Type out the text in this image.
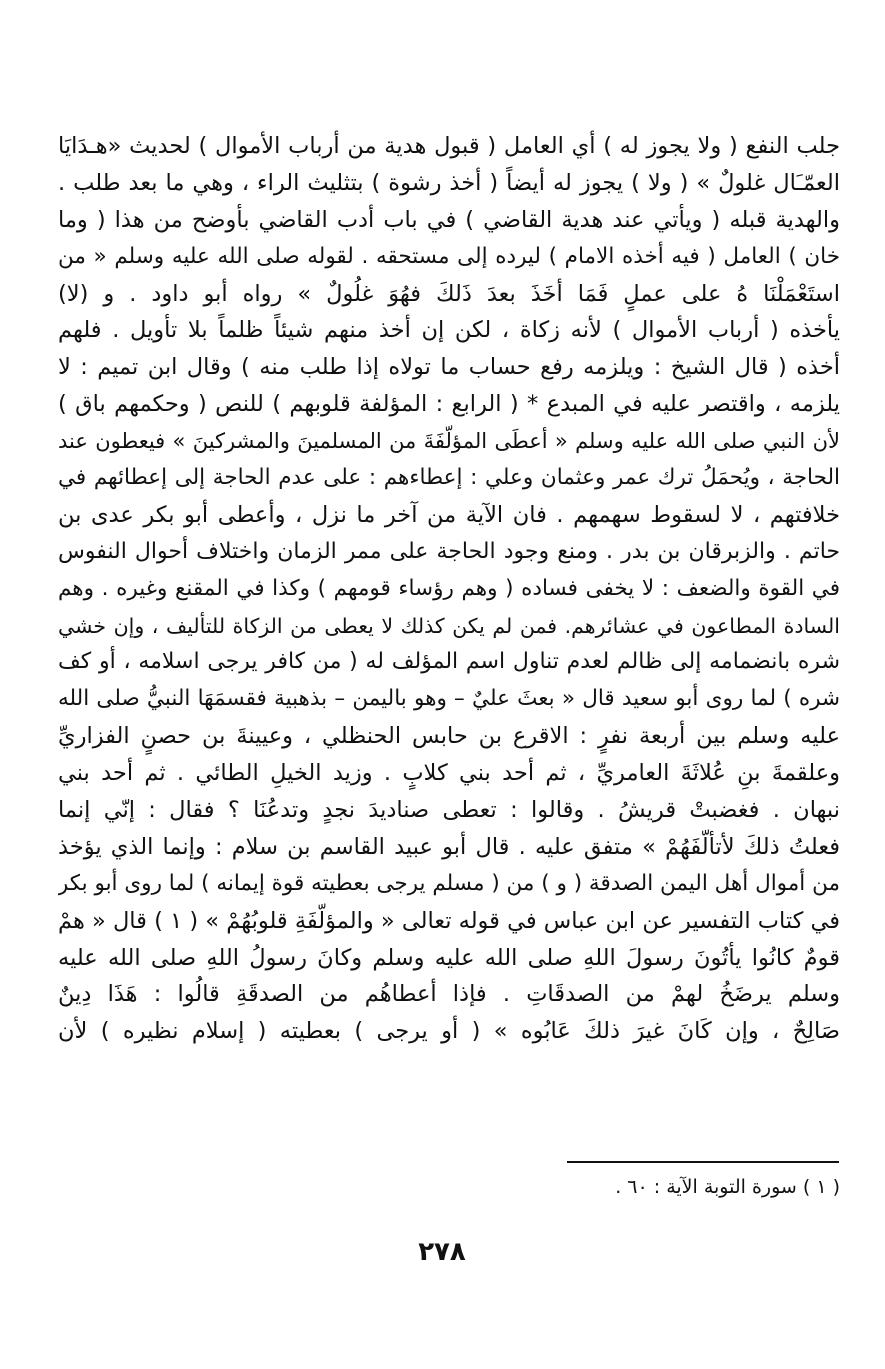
جلب النفع ( ولا يجوز له ) أي العامل ( قبول هدية من أرباب الأموال ) لحديث «هـدَايَا
العمّـَال غلولٌ » ( ولا ) يجوز له أيضاً ( أخذ رشوة ) بتثليث الراء ، وهي ما بعد طلب .
والهدية قبله ( ويأتي عند هدية القاضي ) في باب أدب القاضي بأوضح من هذا ( وما
خان ) العامل ( فيه أخذه الامام ) ليرده إلى مستحقه . لقوله صلى الله عليه وسلم « من
استَعْمَلْنَا هُ على عملٍ فَمَا أخَذَ بعدَ ذَلكَ فهُوَ غلُولٌ » رواه أبو داود . و (لا)
يأخذه ( أرباب الأموال ) لأنه زكاة ، لكن إن أخذ منهم شيئاً ظلماً بلا تأويل . فلهم
أخذه ( قال الشيخ : ويلزمه رفع حساب ما تولاه إذا طلب منه ) وقال ابن تميم : لا
يلزمه ، واقتصر عليه في المبدع * ( الرابع : المؤلفة قلوبهم ) للنص ( وحكمهم باق )
لأن النبي صلى الله عليه وسلم « أعطَى المؤلّفَةَ من المسلمينَ والمشركينَ » فيعطون عند
الحاجة ، ويُحمَلُ ترك عمر وعثمان وعلي : إعطاءهم : على عدم الحاجة إلى إعطائهم في
خلافتهم ، لا لسقوط سهمهم . فان الآية من آخر ما نزل ، وأعطى أبو بكر عدى بن
حاتم . والزبرقان بن بدر . ومنع وجود الحاجة على ممر الزمان واختلاف أحوال النفوس
في القوة والضعف : لا يخفى فساده ( وهم رؤساء قومهم ) وكذا في المقنع وغيره . وهم
السادة المطاعون في عشائرهم. فمن لم يكن كذلك لا يعطى من الزكاة للتأليف ، وإن خشي
شره بانضمامه إلى ظالم لعدم تناول اسم المؤلف له ( من كافر يرجى اسلامه ، أو كف
شره ) لما روى أبو سعيد قال « بعثَ عليٌ – وهو باليمن – بذهبية فقسمَهَا النبيُّ صلى الله
عليه وسلم بين أربعة نفرٍ : الاقرع بن حابس الحنظلي ، وعيينةَ بن حصنٍ الفزاريِّ
وعلقمةَ بنِ عُلاثَةَ العامريِّ ، ثم أحد بني كلابٍ . وزيد الخيلِ الطائي . ثم أحد بني
نبهان . فغضبتْ قريشُ . وقالوا : تعطى صناديدَ نجدٍ وتدعُنَا ؟ فقال : إنّي إنما
فعلتُ ذلكَ لأتألّفَهُمْ » متفق عليه . قال أبو عبيد القاسم بن سلام : وإنما الذي يؤخذ
من أموال أهل اليمن الصدقة ( و ) من ( مسلم يرجى بعطيته قوة إيمانه ) لما روى أبو بكر
في كتاب التفسير عن ابن عباس في قوله تعالى « والمؤلّفَةِ قلوبُهُمْ » ( ١ ) قال « همْ
قومٌ كانُوا يأتُونَ رسولَ اللهِ صلى الله عليه وسلم وكانَ رسولُ اللهِ صلى الله عليه
وسلم يرضَخُ لهمْ من الصدقَاتِ . فإذا أعطاهُم من الصدقَةِ قالُوا : هَذَا دِينٌ
صَالِحٌ ، وإن كَانَ غيرَ ذلكَ عَابُوه » ( أو يرجى ) بعطيته ( إسلام نظيره ) لأن
( ١ ) سورة التوبة الآية : ٦٠ .
٢٧٨
